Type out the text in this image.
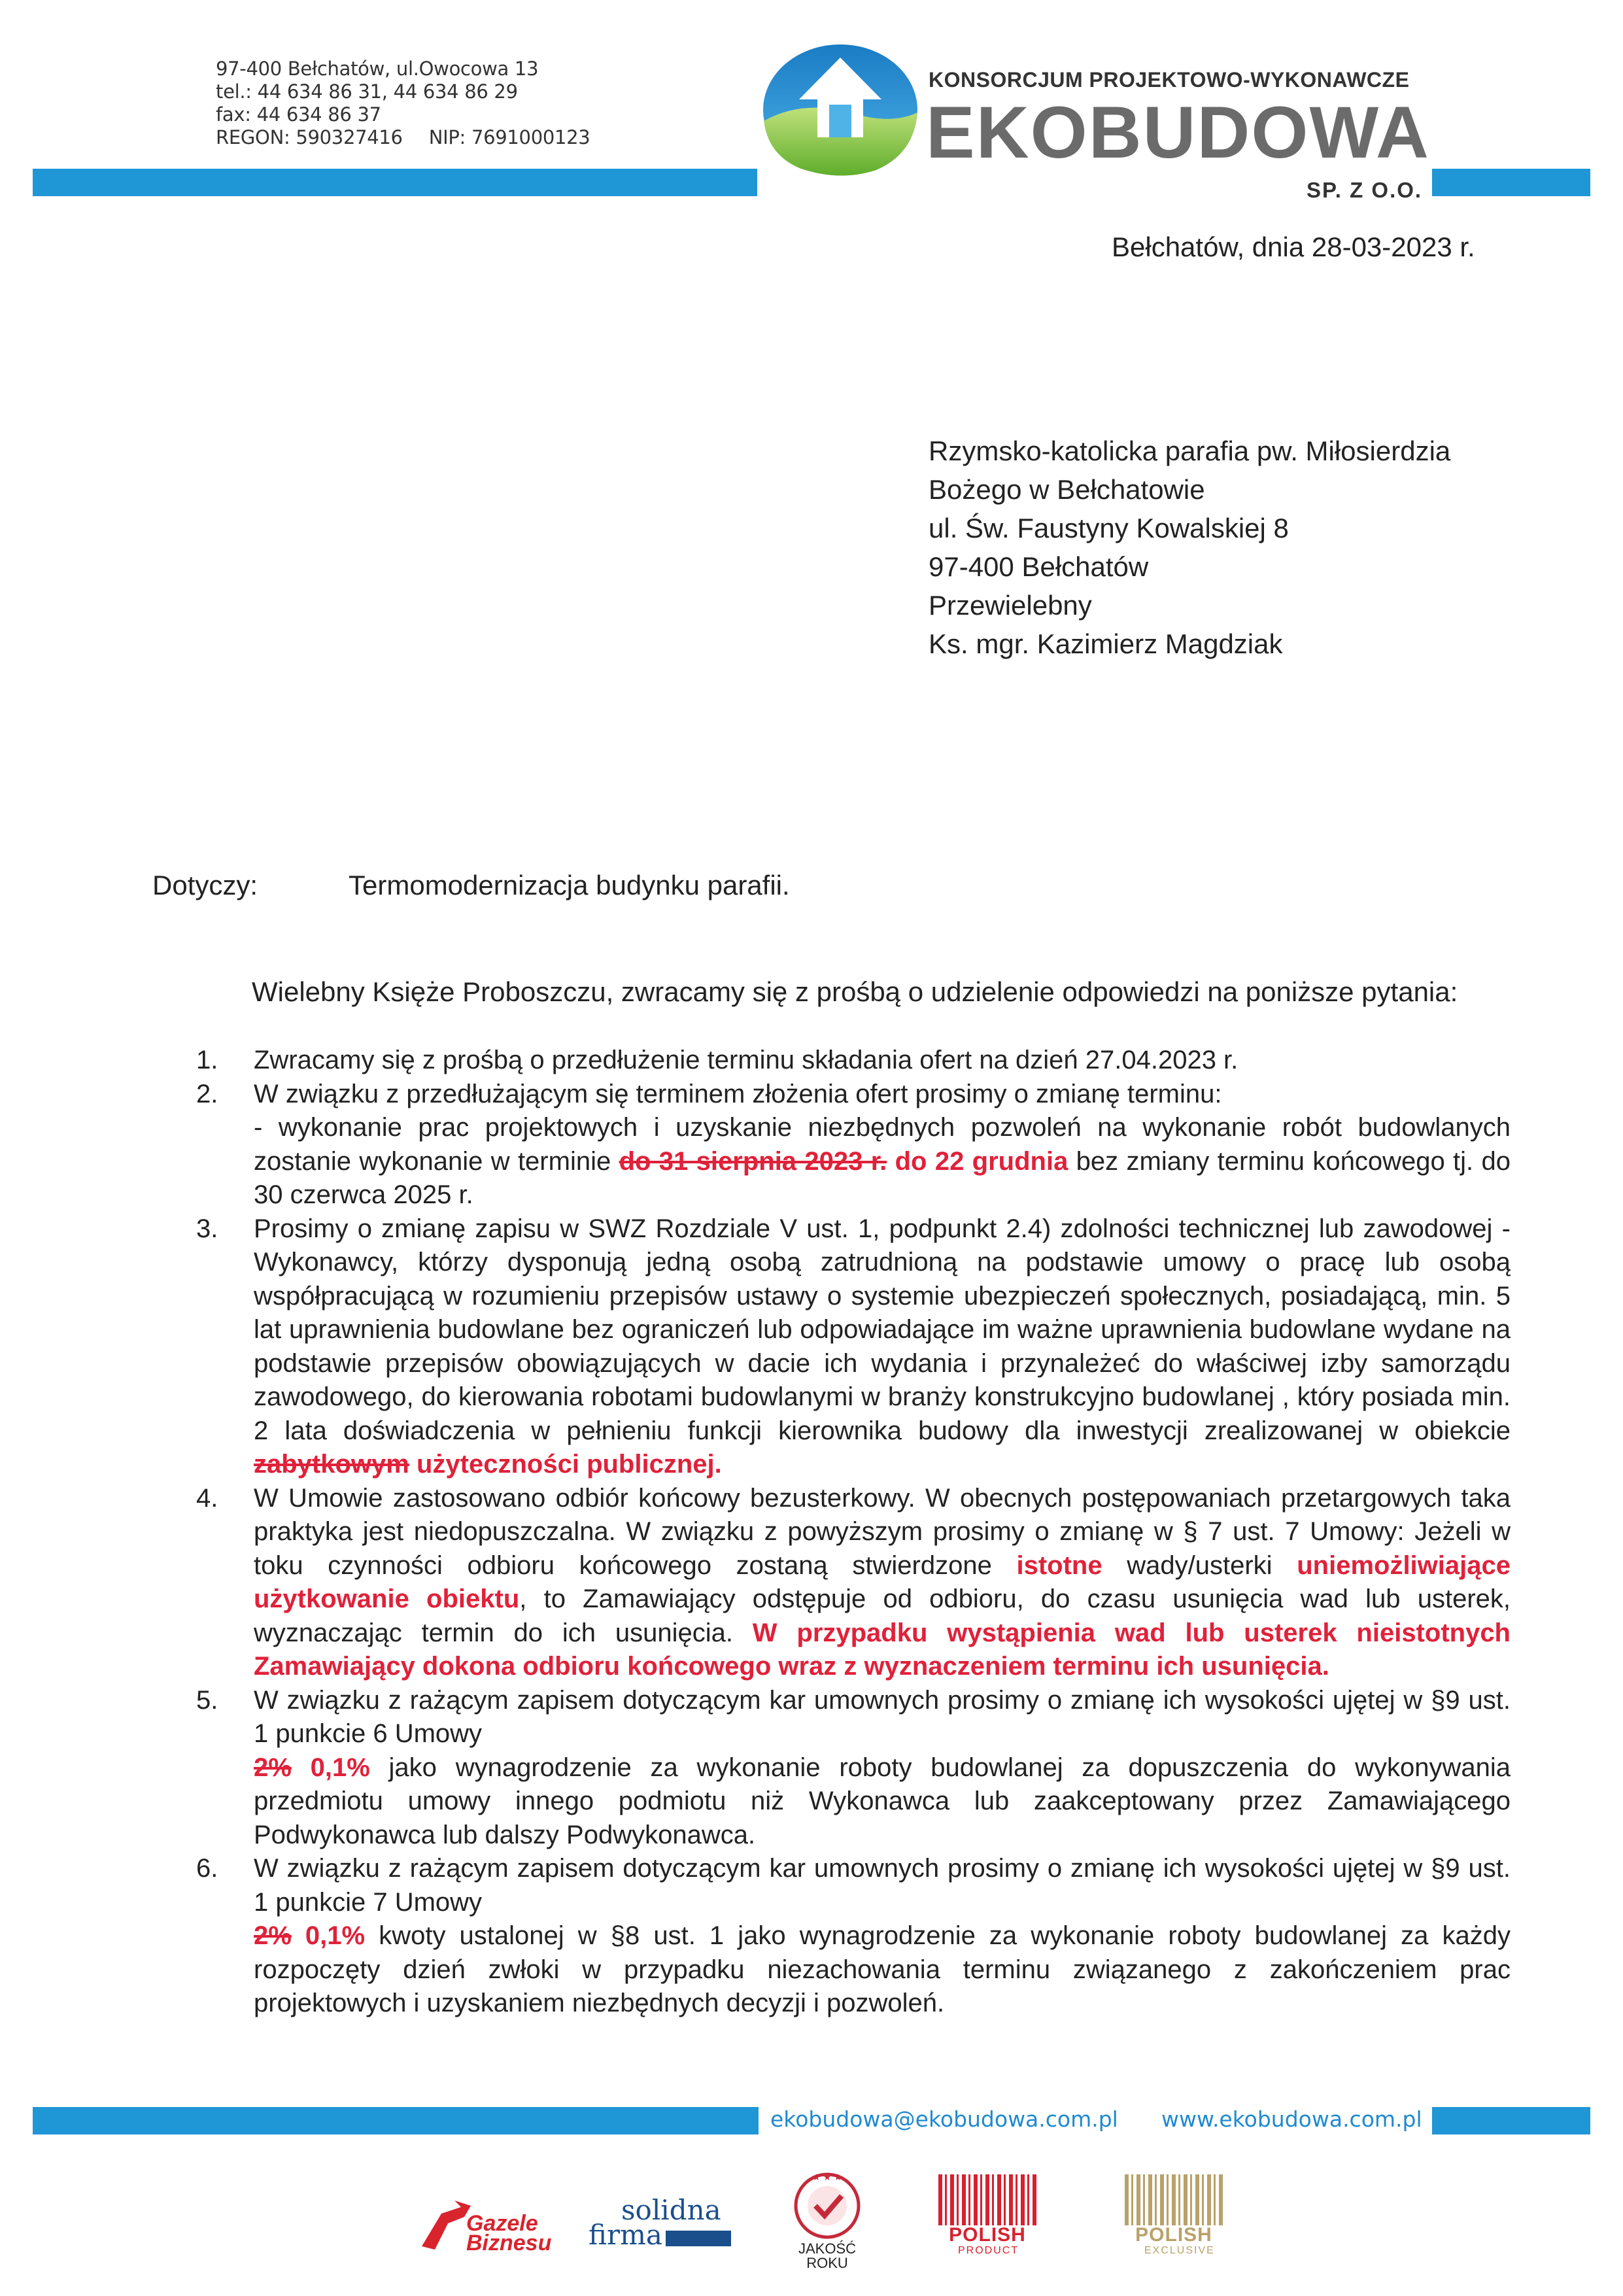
97-400 Bełchatów, ul.Owocowa 13
tel.: 44 634 86 31, 44 634 86 29
fax: 44 634 86 37
REGON: 590327416 NIP: 7691000123
KONSORCJUM PROJEKTOWO-WYKONAWCZE
EKOBUDOWA
SP. Z O.O.
Bełchatów, dnia 28-03-2023 r.
Rzymsko-katolicka parafia pw. Miłosierdzia
Bożego w Bełchatowie
ul. Św. Faustyny Kowalskiej 8
97-400 Bełchatów
Przewielebny
Ks. mgr. Kazimierz Magdziak
Dotyczy:	Termomodernizacja budynku parafii.
Wielebny Księże Proboszczu, zwracamy się z prośbą o udzielenie odpowiedzi na poniższe pytania:
1.	Zwracamy się z prośbą o przedłużenie terminu składania ofert na dzień 27.04.2023 r.
2.	W związku z przedłużającym się terminem złożenia ofert prosimy o zmianę terminu:
- wykonanie prac projektowych i uzyskanie niezbędnych pozwoleń na wykonanie robót budowlanych zostanie wykonanie w terminie do 31 sierpnia 2023 r. do 22 grudnia bez zmiany terminu końcowego tj. do 30 czerwca 2025 r.
3.	Prosimy o zmianę zapisu w SWZ Rozdziale V ust. 1, podpunkt 2.4) zdolności technicznej lub zawodowej - Wykonawcy, którzy dysponują jedną osobą zatrudnioną na podstawie umowy o pracę lub osobą współpracującą w rozumieniu przepisów ustawy o systemie ubezpieczeń społecznych, posiadającą, min. 5 lat uprawnienia budowlane bez ograniczeń lub odpowiadające im ważne uprawnienia budowlane wydane na podstawie przepisów obowiązujących w dacie ich wydania i przynależeć do właściwej izby samorządu zawodowego, do kierowania robotami budowlanymi w branży konstrukcyjno budowlanej , który posiada min. 2 lata doświadczenia w pełnieniu funkcji kierownika budowy dla inwestycji zrealizowanej w obiekcie zabytkowym użyteczności publicznej.
4.	W Umowie zastosowano odbiór końcowy bezusterkowy. W obecnych postępowaniach przetargowych taka praktyka jest niedopuszczalna. W związku z powyższym prosimy o zmianę w § 7 ust. 7 Umowy: Jeżeli w toku czynności odbioru końcowego zostaną stwierdzone istotne wady/usterki uniemożliwiające użytkowanie obiektu, to Zamawiający odstępuje od odbioru, do czasu usunięcia wad lub usterek, wyznaczając termin do ich usunięcia. W przypadku wystąpienia wad lub usterek nieistotnych Zamawiający dokona odbioru końcowego wraz z wyznaczeniem terminu ich usunięcia.
5.	W związku z rażącym zapisem dotyczącym kar umownych prosimy o zmianę ich wysokości ujętej w §9 ust. 1 punkcie 6 Umowy
2% 0,1% jako wynagrodzenie za wykonanie roboty budowlanej za dopuszczenia do wykonywania przedmiotu umowy innego podmiotu niż Wykonawca lub zaakceptowany przez Zamawiającego Podwykonawca lub dalszy Podwykonawca.
6.	W związku z rażącym zapisem dotyczącym kar umownych prosimy o zmianę ich wysokości ujętej w §9 ust. 1 punkcie 7 Umowy
2% 0,1% kwoty ustalonej w §8 ust. 1 jako wynagrodzenie za wykonanie roboty budowlanej za każdy rozpoczęty dzień zwłoki w przypadku niezachowania terminu związanego z zakończeniem prac projektowych i uzyskaniem niezbędnych decyzji i pozwoleń.
ekobudowa@ekobudowa.com.pl www.ekobudowa.com.pl
Gazele
Biznesu
solidna
firma
★ ★ ★
JAKOŚĆ
ROKU
POLISH
PRODUCT
POLISH
EXCLUSIVE
